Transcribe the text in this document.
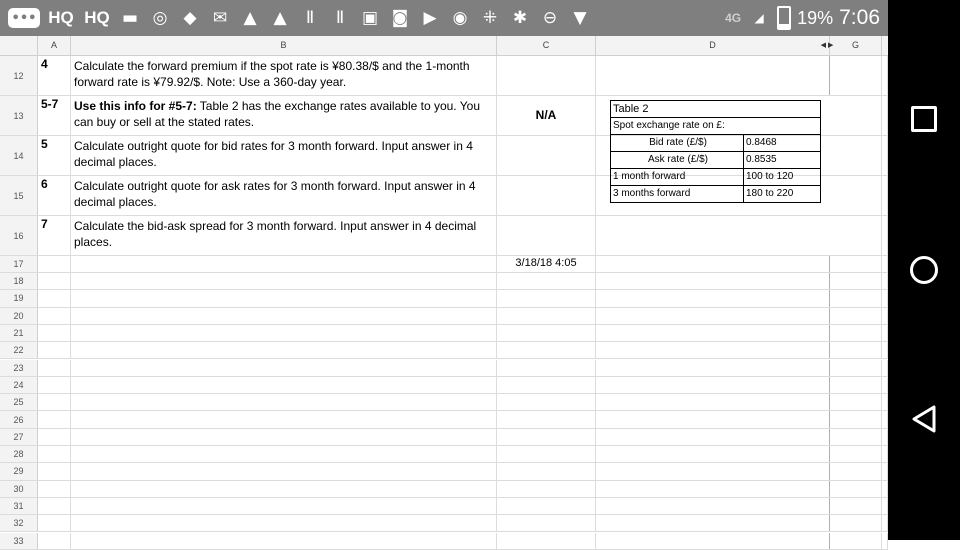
••• HQ HQ ▬ ◎ ◆ ✉ ▲ ▲	Ⅱ	Ⅱ	▣ ◙ ▶ ◉ ⁜ ✱ ⊖ ▼	4G	◢	19% 7:06
A	B	C	D	◀ ▶	G
12
4	Calculate the forward premium if the spot rate is ¥80.38/$ and the 1-month forward rate is ¥79.92/$. Note: Use a 360-day year.
13
5-7	Use this info for #5-7: Table 2 has the exchange rates available to you. You can buy or sell at the stated rates.	N/A
14
5	Calculate outright quote for bid rates for 3 month forward. Input answer in 4 decimal places.
15
6	Calculate outright quote for ask rates for 3 month forward. Input answer in 4 decimal places.
16
7	Calculate the bid-ask spread for 3 month forward. Input answer in 4 decimal places.
17	3/18/18 4:05
18
19
20
21
22
23
24
25
26
27
28
29
30
31
32
33
Table 2
Spot exchange rate on £:
Bid rate (£/$)	0.8468
Ask rate (£/$)	0.8535
1 month forward	100 to 120
3 months forward	180 to 220
